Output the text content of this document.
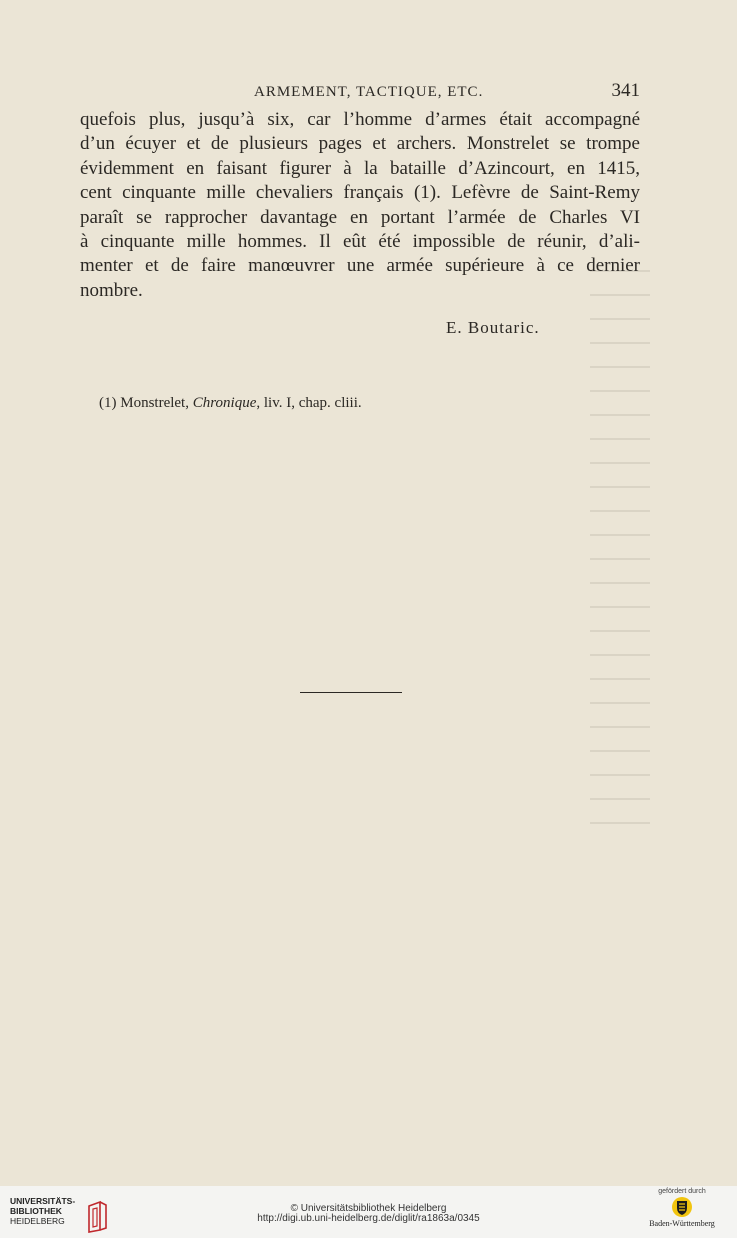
ARMEMENT, TACTIQUE, ETC.	341
quefois plus, jusqu’à six, car l’homme d’armes était accompagné
d’un écuyer et de plusieurs pages et archers. Monstrelet se trompe
évidemment en faisant figurer à la bataille d’Azincourt, en 1415,
cent cinquante mille chevaliers français (1). Lefèvre de Saint-Remy
paraît se rapprocher davantage en portant l’armée de Charles VI
à cinquante mille hommes. Il eût été impossible de réunir, d’ali-
menter et de faire manœuvrer une armée supérieure à ce dernier
nombre.
E. Boutaric.
(1) Monstrelet, Chronique, liv. I, chap. cliii.
UNIVERSITÄTS-
BIBLIOTHEK
HEIDELBERG
© Universitätsbibliothek Heidelberg
http://digi.ub.uni-heidelberg.de/diglit/ra1863a/0345
gefördert durch
Baden-Württemberg
